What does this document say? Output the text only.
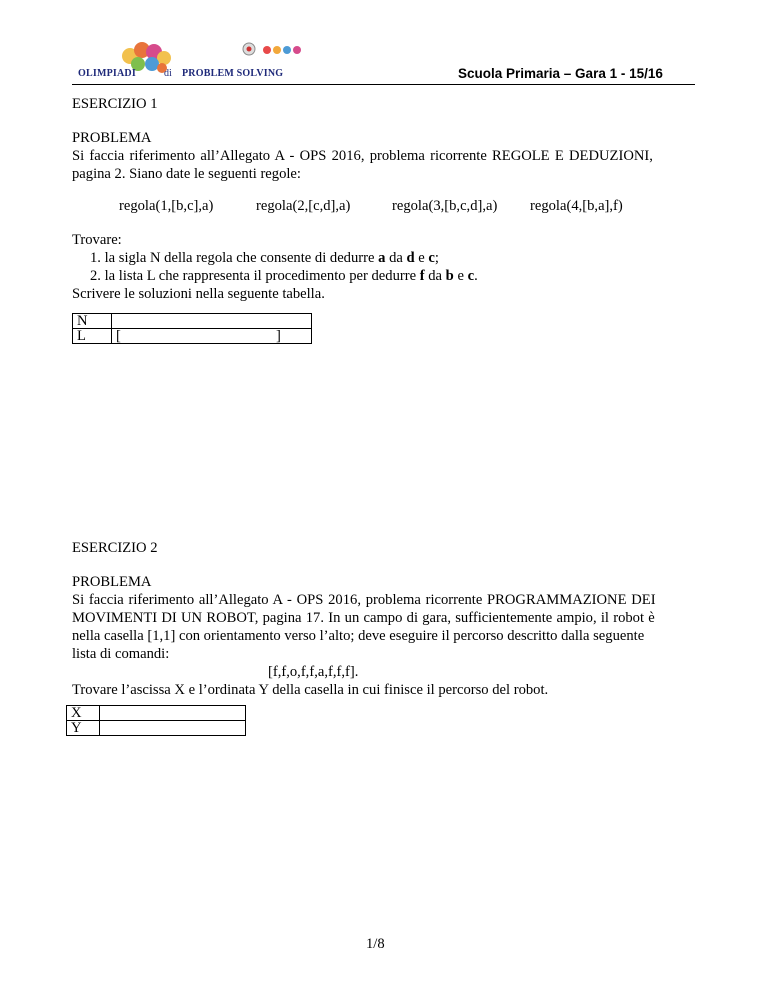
OLIMPIADI	di PROBLEM SOLVING	Scuola Primaria – Gara 1 - 15/16
ESERCIZIO 1
PROBLEMA
Si faccia riferimento all’Allegato A - OPS 2016, problema ricorrente REGOLE E DEDUZIONI,
pagina 2. Siano date le seguenti regole:
regola(1,[b,c],a)	regola(2,[c,d],a)	regola(3,[b,c,d],a) regola(4,[b,a],f)
Trovare:
1. la sigla N della regola che consente di dedurre a da d e c;
2. la lista L che rappresenta il procedimento per dedurre f da b e c.
Scrivere le soluzioni nella seguente tabella.
N	
L	[ ]
ESERCIZIO 2
PROBLEMA
Si faccia riferimento all’Allegato A - OPS 2016, problema ricorrente PROGRAMMAZIONE DEI
MOVIMENTI DI UN ROBOT, pagina 17. In un campo di gara, sufficientemente ampio, il robot è
nella casella [1,1] con orientamento verso l’alto; deve eseguire il percorso descritto dalla seguente
lista di comandi:
[f,f,o,f,f,a,f,f,f].
Trovare l’ascissa X e l’ordinata Y della casella in cui finisce il percorso del robot.
X	
Y	
1/8
